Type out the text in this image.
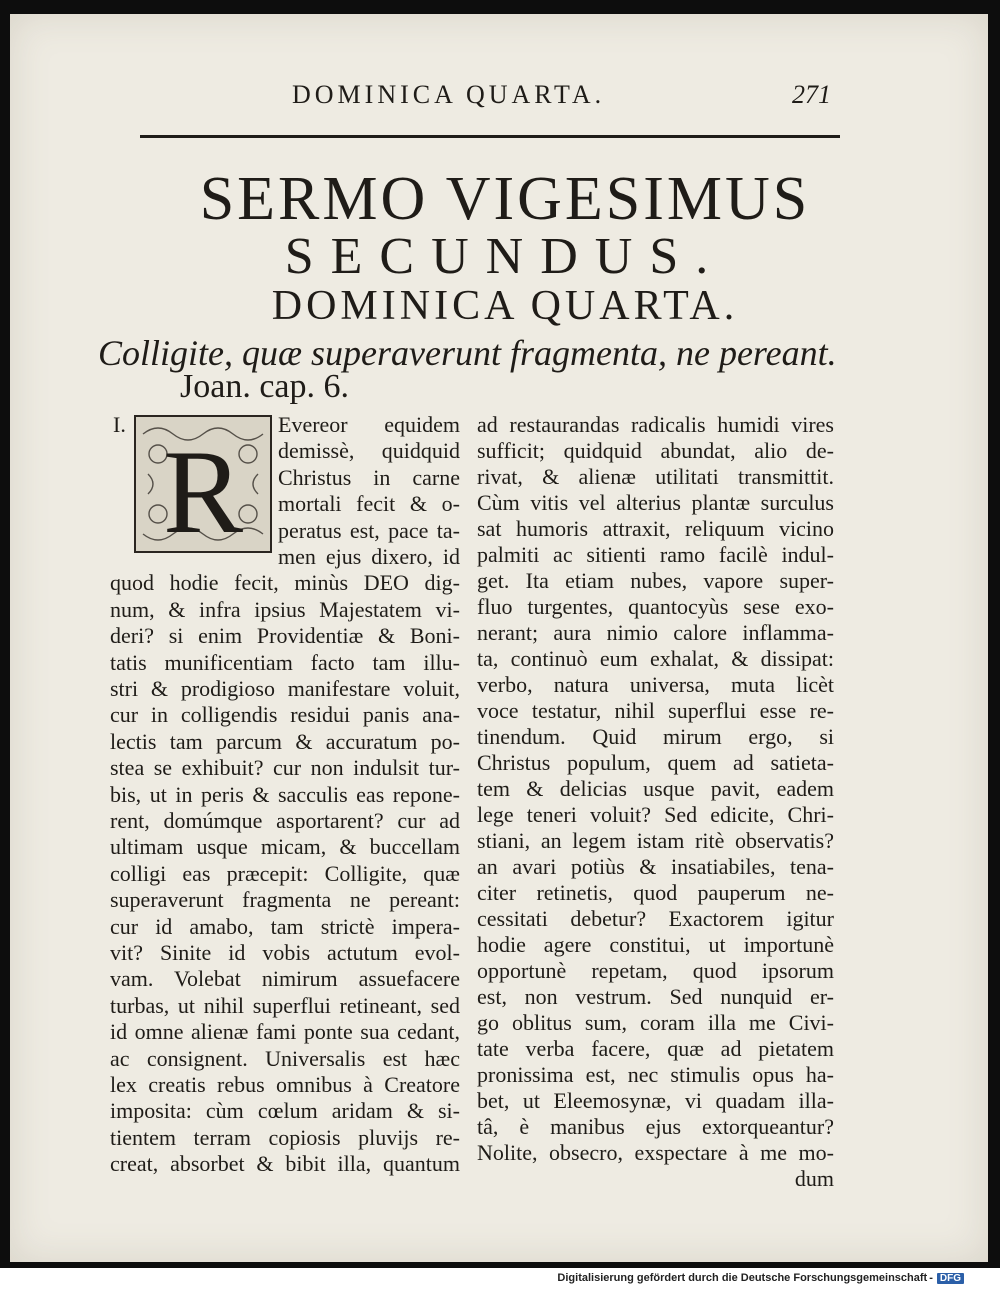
DOMINICA QUARTA.	271
SERMO VIGESIMUS
SECUNDUS.
DOMINICA QUARTA.
Colligite, quæ superaverunt fragmenta, ne pereant.
Joan. cap. 6.
I.
R
Evereor equidem
demissè, quidquid
Christus in carne
mortali fecit & o-
peratus est, pace ta-
men ejus dixero, id
quod hodie fecit, minùs DEO dig-
num, & infra ipsius Majestatem vi-
deri? si enim Providentiæ & Boni-
tatis munificentiam facto tam illu-
stri & prodigioso manifestare voluit,
cur in colligendis residui panis ana-
lectis tam parcum & accuratum po-
stea se exhibuit? cur non indulsit tur-
bis, ut in peris & sacculis eas repone-
rent, domúmque asportarent? cur ad
ultimam usque micam, & buccellam
colligi eas præcepit: Colligite, quæ
superaverunt fragmenta ne pereant:
cur id amabo, tam strictè impera-
vit? Sinite id vobis actutum evol-
vam. Volebat nimirum assuefacere
turbas, ut nihil superflui retineant, sed
id omne alienæ fami ponte sua cedant,
ac consignent. Universalis est hæc
lex creatis rebus omnibus à Creatore
imposita: cùm cœlum aridam & si-
tientem terram copiosis pluvijs re-
creat, absorbet & bibit illa, quantum
ad restaurandas radicalis humidi vires
sufficit; quidquid abundat, alio de-
rivat, & alienæ utilitati transmittit.
Cùm vitis vel alterius plantæ surculus
sat humoris attraxit, reliquum vicino
palmiti ac sitienti ramo facilè indul-
get. Ita etiam nubes, vapore super-
fluo turgentes, quantocyùs sese exo-
nerant; aura nimio calore inflamma-
ta, continuò eum exhalat, & dissipat:
verbo, natura universa, muta licèt
voce testatur, nihil superflui esse re-
tinendum. Quid mirum ergo, si
Christus populum, quem ad satieta-
tem & delicias usque pavit, eadem
lege teneri voluit? Sed edicite, Chri-
stiani, an legem istam ritè observatis?
an avari potiùs & insatiabiles, tena-
citer retinetis, quod pauperum ne-
cessitati debetur? Exactorem igitur
hodie agere constitui, ut importunè
opportunè repetam, quod ipsorum
est, non vestrum. Sed nunquid er-
go oblitus sum, coram illa me Civi-
tate verba facere, quæ ad pietatem
pronissima est, nec stimulis opus ha-
bet, ut Eleemosynæ, vi quadam illa-
tâ, è manibus ejus extorqueantur?
Nolite, obsecro, exspectare à me mo-
dum
Digitalisierung gefördert durch die Deutsche Forschungsgemeinschaft - DFG
